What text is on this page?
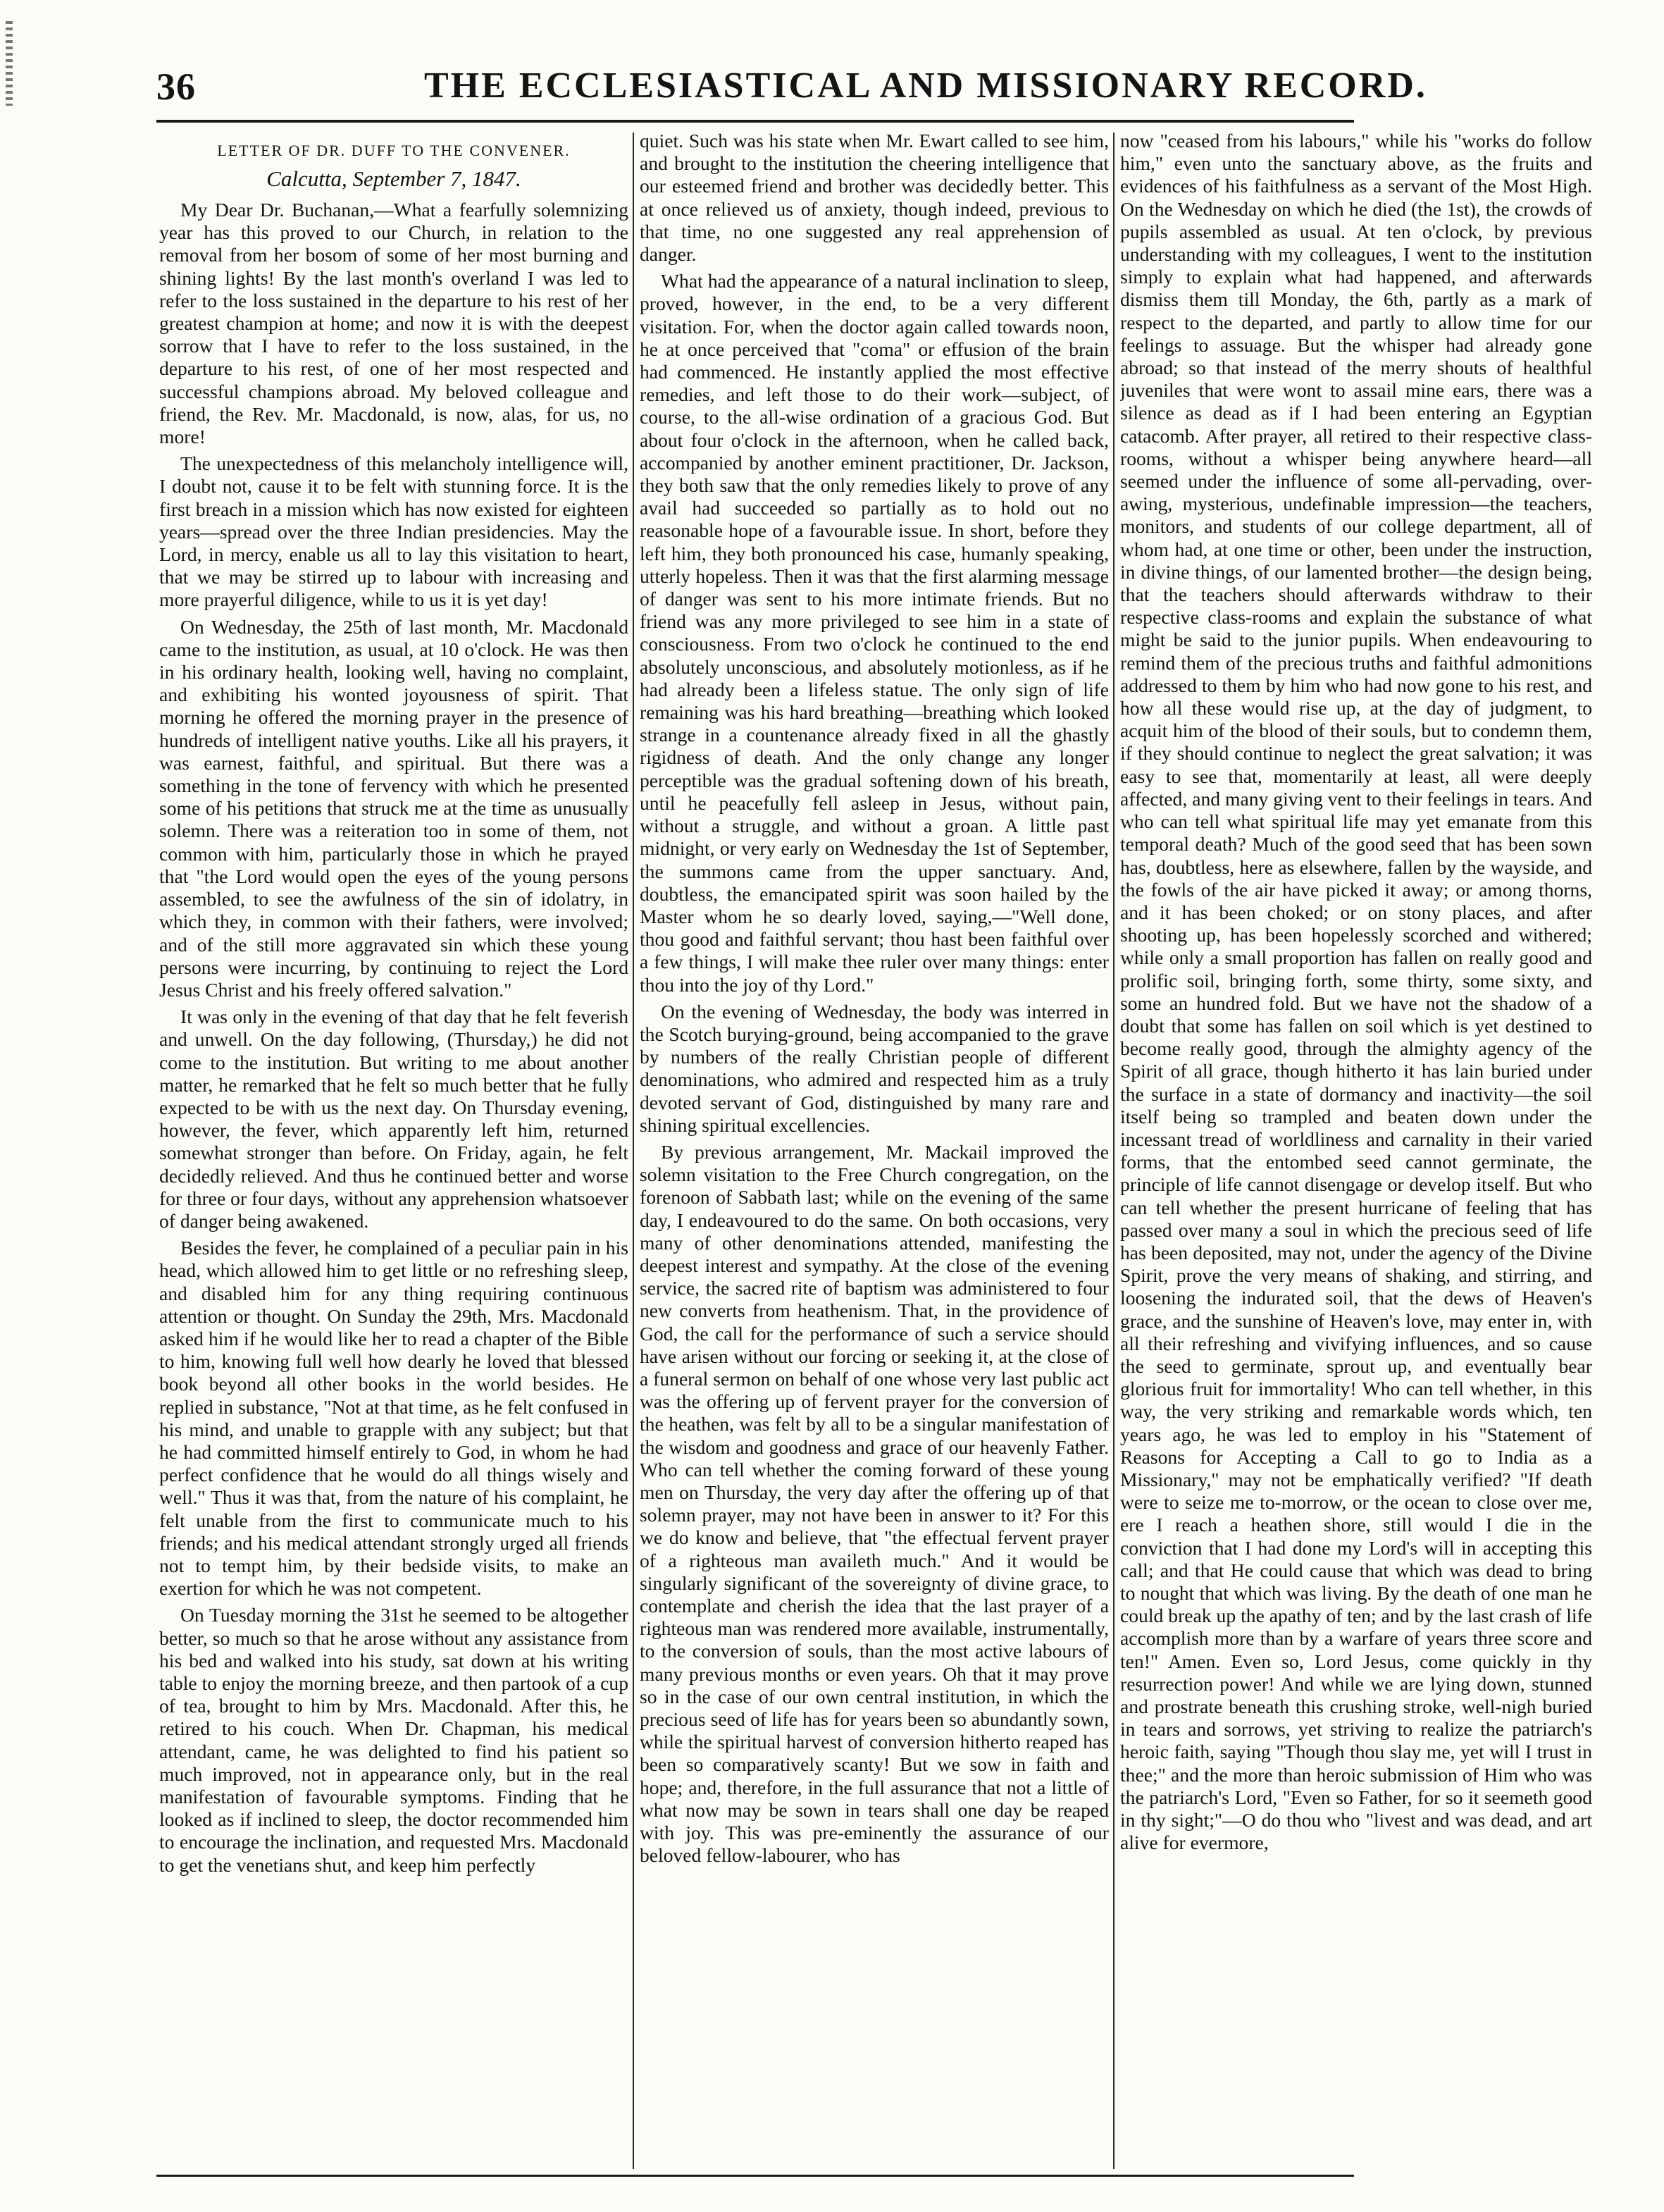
36	THE ECCLESIASTICAL AND MISSIONARY RECORD.
LETTER OF DR. DUFF TO THE CONVENER.
Calcutta, September 7, 1847.

My Dear Dr. Buchanan,—What a fearfully solemnizing year has this proved to our Church, in relation to the removal from her bosom of some of her most burning and shining lights! By the last month's overland I was led to refer to the loss sustained in the departure to his rest of her greatest champion at home; and now it is with the deepest sorrow that I have to refer to the loss sustained, in the departure to his rest, of one of her most respected and successful champions abroad. My beloved colleague and friend, the Rev. Mr. Macdonald, is now, alas, for us, no more!

The unexpectedness of this melancholy intelligence will, I doubt not, cause it to be felt with stunning force. It is the first breach in a mission which has now existed for eighteen years—spread over the three Indian presidencies. May the Lord, in mercy, enable us all to lay this visitation to heart, that we may be stirred up to labour with increasing and more prayerful diligence, while to us it is yet day!

On Wednesday, the 25th of last month, Mr. Macdonald came to the institution, as usual, at 10 o'clock. He was then in his ordinary health, looking well, having no complaint, and exhibiting his wonted joyousness of spirit. That morning he offered the morning prayer in the presence of hundreds of intelligent native youths. Like all his prayers, it was earnest, faithful, and spiritual. But there was a something in the tone of fervency with which he presented some of his petitions that struck me at the time as unusually solemn. There was a reiteration too in some of them, not common with him, particularly those in which he prayed that "the Lord would open the eyes of the young persons assembled, to see the awfulness of the sin of idolatry, in which they, in common with their fathers, were involved; and of the still more aggravated sin which these young persons were incurring, by continuing to reject the Lord Jesus Christ and his freely offered salvation."

It was only in the evening of that day that he felt feverish and unwell. On the day following, (Thursday,) he did not come to the institution. But writing to me about another matter, he remarked that he felt so much better that he fully expected to be with us the next day. On Thursday evening, however, the fever, which apparently left him, returned somewhat stronger than before. On Friday, again, he felt decidedly relieved. And thus he continued better and worse for three or four days, without any apprehension whatsoever of danger being awakened.

Besides the fever, he complained of a peculiar pain in his head, which allowed him to get little or no refreshing sleep, and disabled him for any thing requiring continuous attention or thought. On Sunday the 29th, Mrs. Macdonald asked him if he would like her to read a chapter of the Bible to him, knowing full well how dearly he loved that blessed book beyond all other books in the world besides. He replied in substance, "Not at that time, as he felt confused in his mind, and unable to grapple with any subject; but that he had committed himself entirely to God, in whom he had perfect confidence that he would do all things wisely and well." Thus it was that, from the nature of his complaint, he felt unable from the first to communicate much to his friends; and his medical attendant strongly urged all friends not to tempt him, by their bedside visits, to make an exertion for which he was not competent.

On Tuesday morning the 31st he seemed to be altogether better, so much so that he arose without any assistance from his bed and walked into his study, sat down at his writing table to enjoy the morning breeze, and then partook of a cup of tea, brought to him by Mrs. Macdonald. After this, he retired to his couch. When Dr. Chapman, his medical attendant, came, he was delighted to find his patient so much improved, not in appearance only, but in the real manifestation of favourable symptoms. Finding that he looked as if inclined to sleep, the doctor recommended him to encourage the inclination, and requested Mrs. Macdonald to get the venetians shut, and keep him perfectly

quiet. Such was his state when Mr. Ewart called to see him, and brought to the institution the cheering intelligence that our esteemed friend and brother was decidedly better. This at once relieved us of anxiety, though indeed, previous to that time, no one suggested any real apprehension of danger.

What had the appearance of a natural inclination to sleep, proved, however, in the end, to be a very different visitation. For, when the doctor again called towards noon, he at once perceived that "coma" or effusion of the brain had commenced. He instantly applied the most effective remedies, and left those to do their work—subject, of course, to the all-wise ordination of a gracious God. But about four o'clock in the afternoon, when he called back, accompanied by another eminent practitioner, Dr. Jackson, they both saw that the only remedies likely to prove of any avail had succeeded so partially as to hold out no reasonable hope of a favourable issue. In short, before they left him, they both pronounced his case, humanly speaking, utterly hopeless. Then it was that the first alarming message of danger was sent to his more intimate friends. But no friend was any more privileged to see him in a state of consciousness. From two o'clock he continued to the end absolutely unconscious, and absolutely motionless, as if he had already been a lifeless statue. The only sign of life remaining was his hard breathing—breathing which looked strange in a countenance already fixed in all the ghastly rigidness of death. And the only change any longer perceptible was the gradual softening down of his breath, until he peacefully fell asleep in Jesus, without pain, without a struggle, and without a groan. A little past midnight, or very early on Wednesday the 1st of September, the summons came from the upper sanctuary. And, doubtless, the emancipated spirit was soon hailed by the Master whom he so dearly loved, saying,—"Well done, thou good and faithful servant; thou hast been faithful over a few things, I will make thee ruler over many things: enter thou into the joy of thy Lord."

On the evening of Wednesday, the body was interred in the Scotch burying-ground, being accompanied to the grave by numbers of the really Christian people of different denominations, who admired and respected him as a truly devoted servant of God, distinguished by many rare and shining spiritual excellencies.

By previous arrangement, Mr. Mackail improved the solemn visitation to the Free Church congregation, on the forenoon of Sabbath last; while on the evening of the same day, I endeavoured to do the same. On both occasions, very many of other denominations attended, manifesting the deepest interest and sympathy. At the close of the evening service, the sacred rite of baptism was administered to four new converts from heathenism. That, in the providence of God, the call for the performance of such a service should have arisen without our forcing or seeking it, at the close of a funeral sermon on behalf of one whose very last public act was the offering up of fervent prayer for the conversion of the heathen, was felt by all to be a singular manifestation of the wisdom and goodness and grace of our heavenly Father. Who can tell whether the coming forward of these young men on Thursday, the very day after the offering up of that solemn prayer, may not have been in answer to it? For this we do know and believe, that "the effectual fervent prayer of a righteous man availeth much." And it would be singularly significant of the sovereignty of divine grace, to contemplate and cherish the idea that the last prayer of a righteous man was rendered more available, instrumentally, to the conversion of souls, than the most active labours of many previous months or even years. Oh that it may prove so in the case of our own central institution, in which the precious seed of life has for years been so abundantly sown, while the spiritual harvest of conversion hitherto reaped has been so comparatively scanty! But we sow in faith and hope; and, therefore, in the full assurance that not a little of what now may be sown in tears shall one day be reaped with joy. This was pre-eminently the assurance of our beloved fellow-labourer, who has

now "ceased from his labours," while his "works do follow him," even unto the sanctuary above, as the fruits and evidences of his faithfulness as a servant of the Most High. On the Wednesday on which he died (the 1st), the crowds of pupils assembled as usual. At ten o'clock, by previous understanding with my colleagues, I went to the institution simply to explain what had happened, and afterwards dismiss them till Monday, the 6th, partly as a mark of respect to the departed, and partly to allow time for our feelings to assuage. But the whisper had already gone abroad; so that instead of the merry shouts of healthful juveniles that were wont to assail mine ears, there was a silence as dead as if I had been entering an Egyptian catacomb. After prayer, all retired to their respective class-rooms, without a whisper being anywhere heard—all seemed under the influence of some all-pervading, over-awing, mysterious, undefinable impression—the teachers, monitors, and students of our college department, all of whom had, at one time or other, been under the instruction, in divine things, of our lamented brother—the design being, that the teachers should afterwards withdraw to their respective class-rooms and explain the substance of what might be said to the junior pupils. When endeavouring to remind them of the precious truths and faithful admonitions addressed to them by him who had now gone to his rest, and how all these would rise up, at the day of judgment, to acquit him of the blood of their souls, but to condemn them, if they should continue to neglect the great salvation; it was easy to see that, momentarily at least, all were deeply affected, and many giving vent to their feelings in tears. And who can tell what spiritual life may yet emanate from this temporal death? Much of the good seed that has been sown has, doubtless, here as elsewhere, fallen by the wayside, and the fowls of the air have picked it away; or among thorns, and it has been choked; or on stony places, and after shooting up, has been hopelessly scorched and withered; while only a small proportion has fallen on really good and prolific soil, bringing forth, some thirty, some sixty, and some an hundred fold. But we have not the shadow of a doubt that some has fallen on soil which is yet destined to become really good, through the almighty agency of the Spirit of all grace, though hitherto it has lain buried under the surface in a state of dormancy and inactivity—the soil itself being so trampled and beaten down under the incessant tread of worldliness and carnality in their varied forms, that the entombed seed cannot germinate, the principle of life cannot disengage or develop itself. But who can tell whether the present hurricane of feeling that has passed over many a soul in which the precious seed of life has been deposited, may not, under the agency of the Divine Spirit, prove the very means of shaking, and stirring, and loosening the indurated soil, that the dews of Heaven's grace, and the sunshine of Heaven's love, may enter in, with all their refreshing and vivifying influences, and so cause the seed to germinate, sprout up, and eventually bear glorious fruit for immortality! Who can tell whether, in this way, the very striking and remarkable words which, ten years ago, he was led to employ in his "Statement of Reasons for Accepting a Call to go to India as a Missionary," may not be emphatically verified? "If death were to seize me to-morrow, or the ocean to close over me, ere I reach a heathen shore, still would I die in the conviction that I had done my Lord's will in accepting this call; and that He could cause that which was dead to bring to nought that which was living. By the death of one man he could break up the apathy of ten; and by the last crash of life accomplish more than by a warfare of years three score and ten!" Amen. Even so, Lord Jesus, come quickly in thy resurrection power! And while we are lying down, stunned and prostrate beneath this crushing stroke, well-nigh buried in tears and sorrows, yet striving to realize the patriarch's heroic faith, saying "Though thou slay me, yet will I trust in thee;" and the more than heroic submission of Him who was the patriarch's Lord, "Even so Father, for so it seemeth good in thy sight;"—O do thou who "livest and was dead, and art alive for evermore,
